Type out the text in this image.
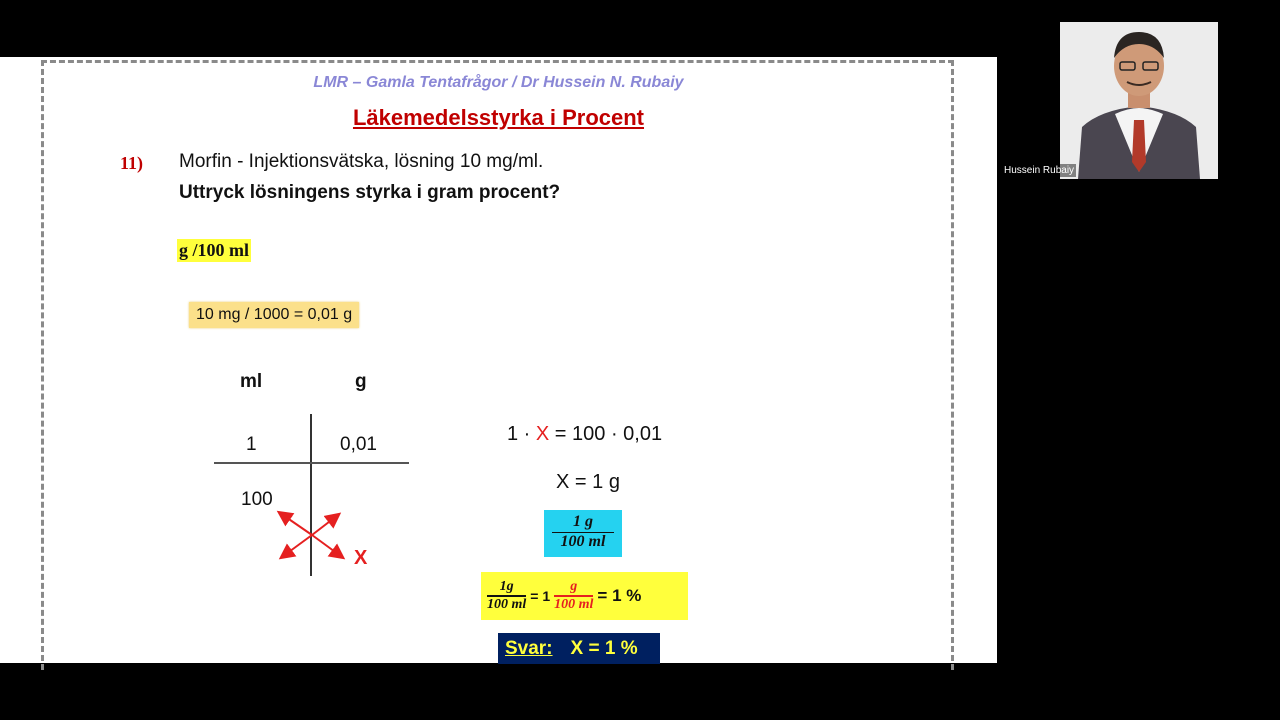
LMR – Gamla Tentafrågor / Dr Hussein N. Rubaiy
Läkemedelsstyrka i Procent
11) Morfin - Injektionsvätska, lösning 10 mg/ml.
Uttryck lösningens styrka i gram procent?
g /100 ml
10 mg / 1000 = 0,01 g
ml	g
1	0,01
100
X
1 · X = 100 · 0,01
X = 1 g
1 g
100 ml
$\frac{1g}{100 ml} = 1 \frac{g}{100 ml} = 1$ %
Svar: X = 1 %
Hussein Rubaiy
